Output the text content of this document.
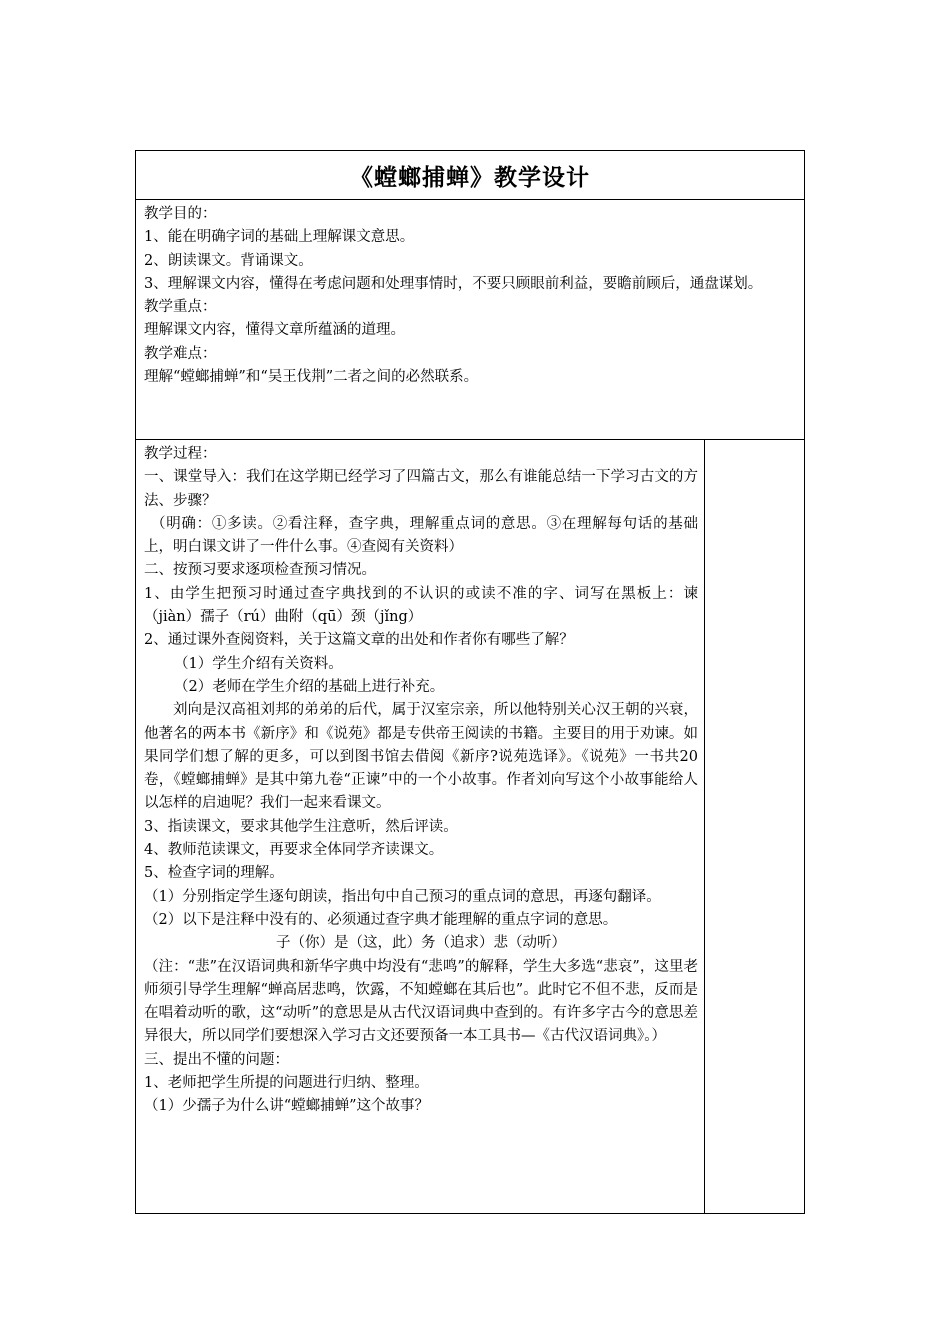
《螳螂捕蝉》教学设计

教学目的：
1、能在明确字词的基础上理解课文意思。
2、朗读课文。背诵课文。
3、理解课文内容，懂得在考虑问题和处理事情时，不要只顾眼前利益，要瞻前顾后，通盘谋划。
教学重点：
理解课文内容，懂得文章所蕴涵的道理。
教学难点：
理解“螳螂捕蝉”和“吴王伐荆”二者之间的必然联系。

教学过程：
一、课堂导入：我们在这学期已经学习了四篇古文，那么有谁能总结一下学习古文的方法、步骤？
（明确：①多读。②看注释，查字典，理解重点词的意思。③在理解每句话的基础上，明白课文讲了一件什么事。④查阅有关资料）
二、按预习要求逐项检查预习情况。
1、由学生把预习时通过查字典找到的不认识的或读不准的字、词写在黑板上：谏（jiàn）孺子（rú）曲附（qū）颈（jǐng）
2、通过课外查阅资料，关于这篇文章的出处和作者你有哪些了解？
（1）学生介绍有关资料。
（2）老师在学生介绍的基础上进行补充。
刘向是汉高祖刘邦的弟弟的后代，属于汉室宗亲，所以他特别关心汉王朝的兴衰，他著名的两本书《新序》和《说苑》都是专供帝王阅读的书籍。主要目的用于劝谏。如果同学们想了解的更多，可以到图书馆去借阅《新序?说苑选译》。《说苑》一书共20卷，《螳螂捕蝉》是其中第九卷“正谏”中的一个小故事。作者刘向写这个小故事能给人以怎样的启迪呢？我们一起来看课文。
3、指读课文，要求其他学生注意听，然后评读。
4、教师范读课文，再要求全体同学齐读课文。
5、检查字词的理解。
（1）分别指定学生逐句朗读，指出句中自己预习的重点词的意思，再逐句翻译。
（2）以下是注释中没有的、必须通过查字典才能理解的重点字词的意思。
子（你）是（这，此）务（追求）悲（动听）
（注：“悲”在汉语词典和新华字典中均没有“悲鸣”的解释，学生大多选“悲哀”，这里老师须引导学生理解“蝉高居悲鸣，饮露，不知螳螂在其后也”。此时它不但不悲，反而是在唱着动听的歌，这“动听”的意思是从古代汉语词典中查到的。有许多字古今的意思差异很大，所以同学们要想深入学习古文还要预备一本工具书—《古代汉语词典》。）
三、提出不懂的问题：
1、老师把学生所提的问题进行归纳、整理。
（1）少孺子为什么讲“螳螂捕蝉”这个故事？
